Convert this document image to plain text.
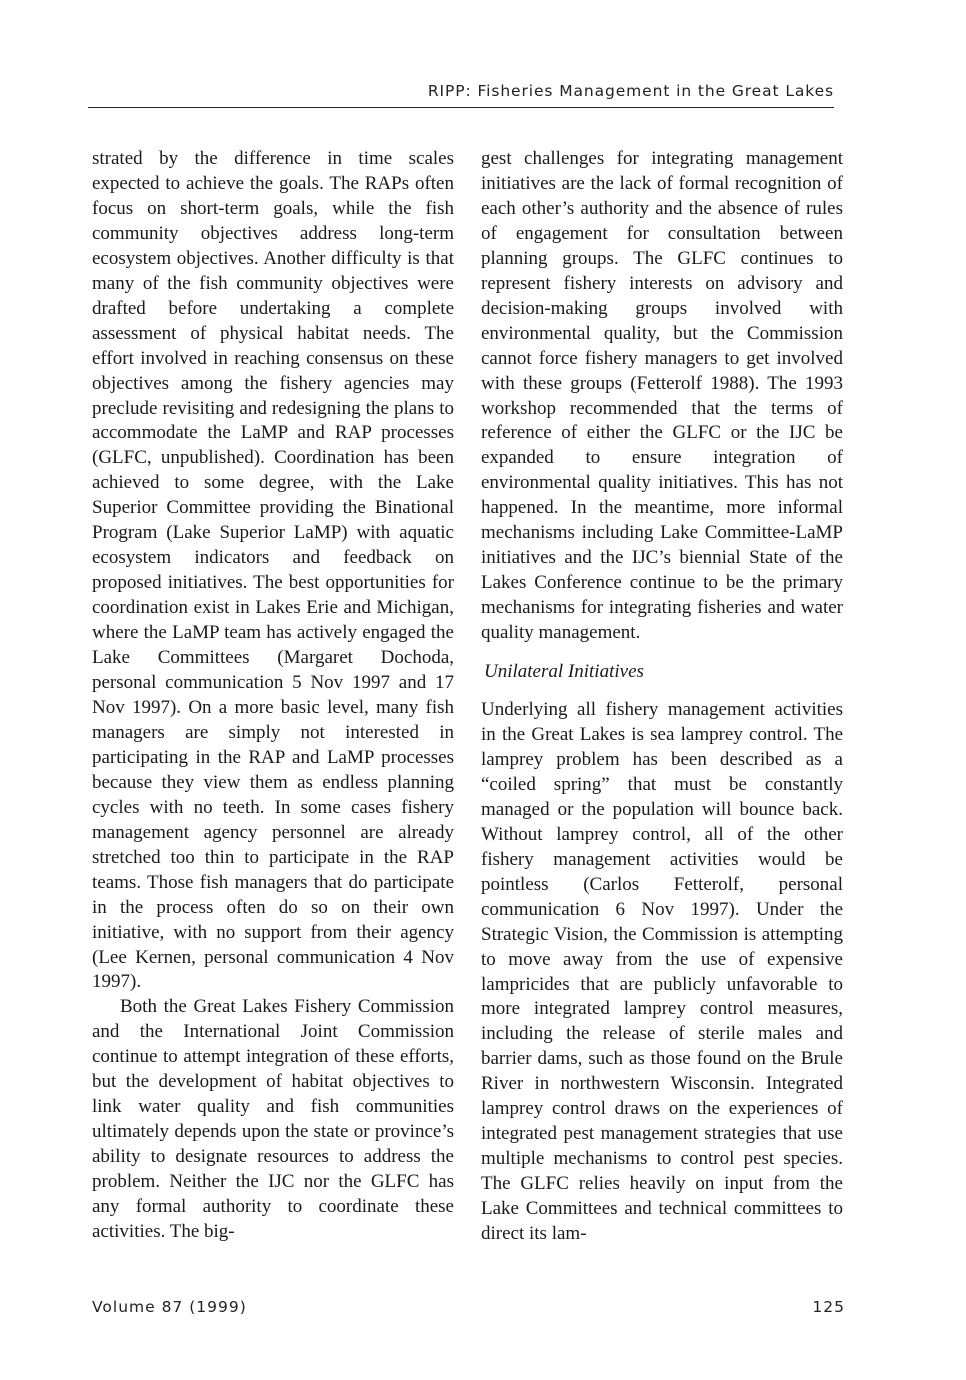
RIPP: Fisheries Management in the Great Lakes

strated by the difference in time scales expected to achieve the goals. The RAPs often focus on short-term goals, while the fish community objectives address long-term ecosystem objectives. Another difficulty is that many of the fish community objectives were drafted before undertaking a complete assessment of physical habitat needs. The effort involved in reaching consensus on these objectives among the fishery agencies may preclude revisiting and redesigning the plans to accommodate the LaMP and RAP processes (GLFC, unpublished). Coordination has been achieved to some degree, with the Lake Superior Committee providing the Binational Program (Lake Superior LaMP) with aquatic ecosystem indicators and feedback on proposed initiatives. The best opportunities for coordination exist in Lakes Erie and Michigan, where the LaMP team has actively engaged the Lake Committees (Margaret Dochoda, personal communication 5 Nov 1997 and 17 Nov 1997). On a more basic level, many fish managers are simply not interested in participating in the RAP and LaMP processes because they view them as endless planning cycles with no teeth. In some cases fishery management agency personnel are already stretched too thin to participate in the RAP teams. Those fish managers that do participate in the process often do so on their own initiative, with no support from their agency (Lee Kernen, personal communication 4 Nov 1997).

Both the Great Lakes Fishery Commission and the International Joint Commission continue to attempt integration of these efforts, but the development of habitat objectives to link water quality and fish communities ultimately depends upon the state or province’s ability to designate resources to address the problem. Neither the IJC nor the GLFC has any formal authority to coordinate these activities. The big-

gest challenges for integrating management initiatives are the lack of formal recognition of each other’s authority and the absence of rules of engagement for consultation between planning groups. The GLFC continues to represent fishery interests on advisory and decision-making groups involved with environmental quality, but the Commission cannot force fishery managers to get involved with these groups (Fetterolf 1988). The 1993 workshop recommended that the terms of reference of either the GLFC or the IJC be expanded to ensure integration of environmental quality initiatives. This has not happened. In the meantime, more informal mechanisms including Lake Committee-LaMP initiatives and the IJC’s biennial State of the Lakes Conference continue to be the primary mechanisms for integrating fisheries and water quality management.

Unilateral Initiatives

Underlying all fishery management activities in the Great Lakes is sea lamprey control. The lamprey problem has been described as a “coiled spring” that must be constantly managed or the population will bounce back. Without lamprey control, all of the other fishery management activities would be pointless (Carlos Fetterolf, personal communication 6 Nov 1997). Under the Strategic Vision, the Commission is attempting to move away from the use of expensive lampricides that are publicly unfavorable to more integrated lamprey control measures, including the release of sterile males and barrier dams, such as those found on the Brule River in northwestern Wisconsin. Integrated lamprey control draws on the experiences of integrated pest management strategies that use multiple mechanisms to control pest species. The GLFC relies heavily on input from the Lake Committees and technical committees to direct its lam-

Volume 87 (1999)	125
